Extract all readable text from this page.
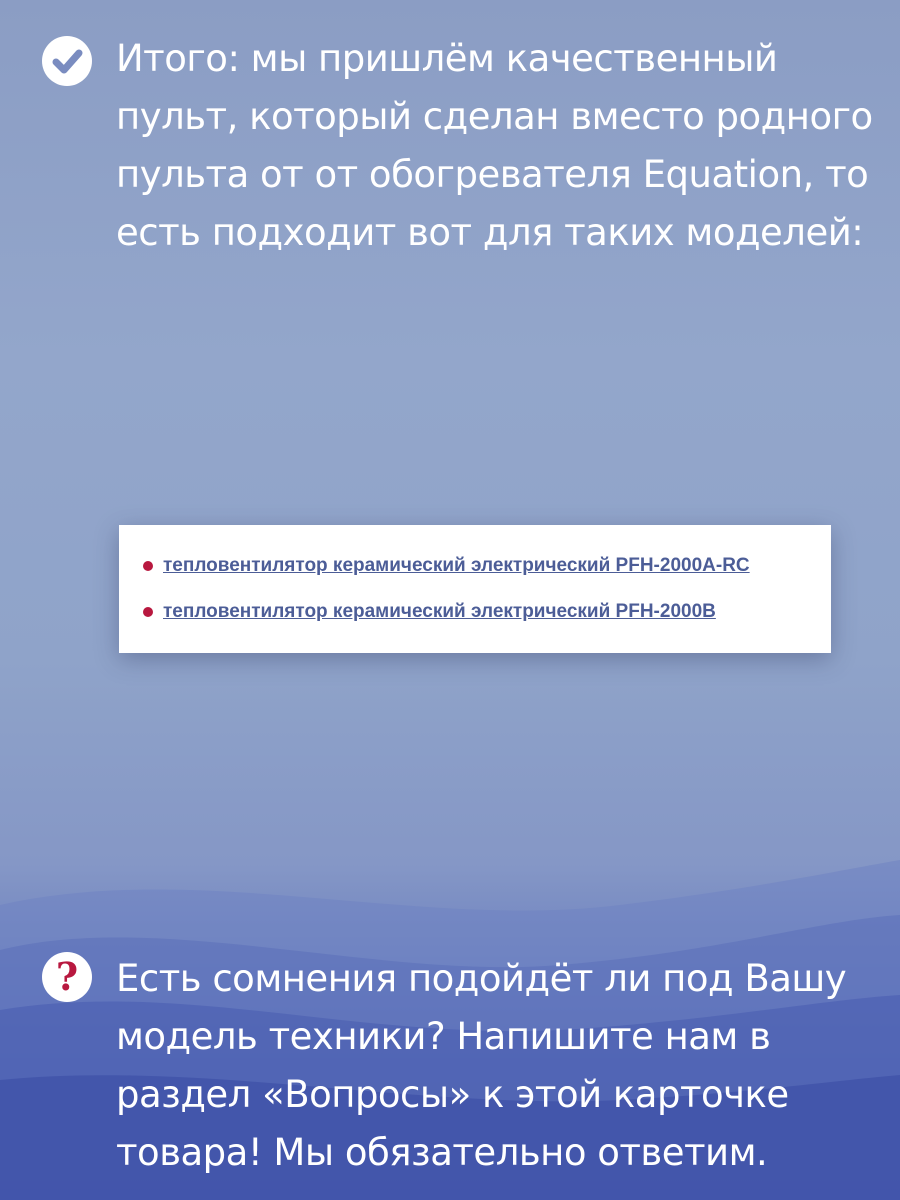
Итого: мы пришлём качественный
пульт, который сделан вместо родного
пульта от от обогревателя Equation, то
есть подходит вот для таких моделей:
тепловентилятор керамический электрический PFH-2000A-RC
тепловентилятор керамический электрический PFH-2000B
?	Есть сомнения подойдёт ли под Вашу
модель техники? Напишите нам в
раздел «Вопросы» к этой карточке
товара! Мы обязательно ответим.
